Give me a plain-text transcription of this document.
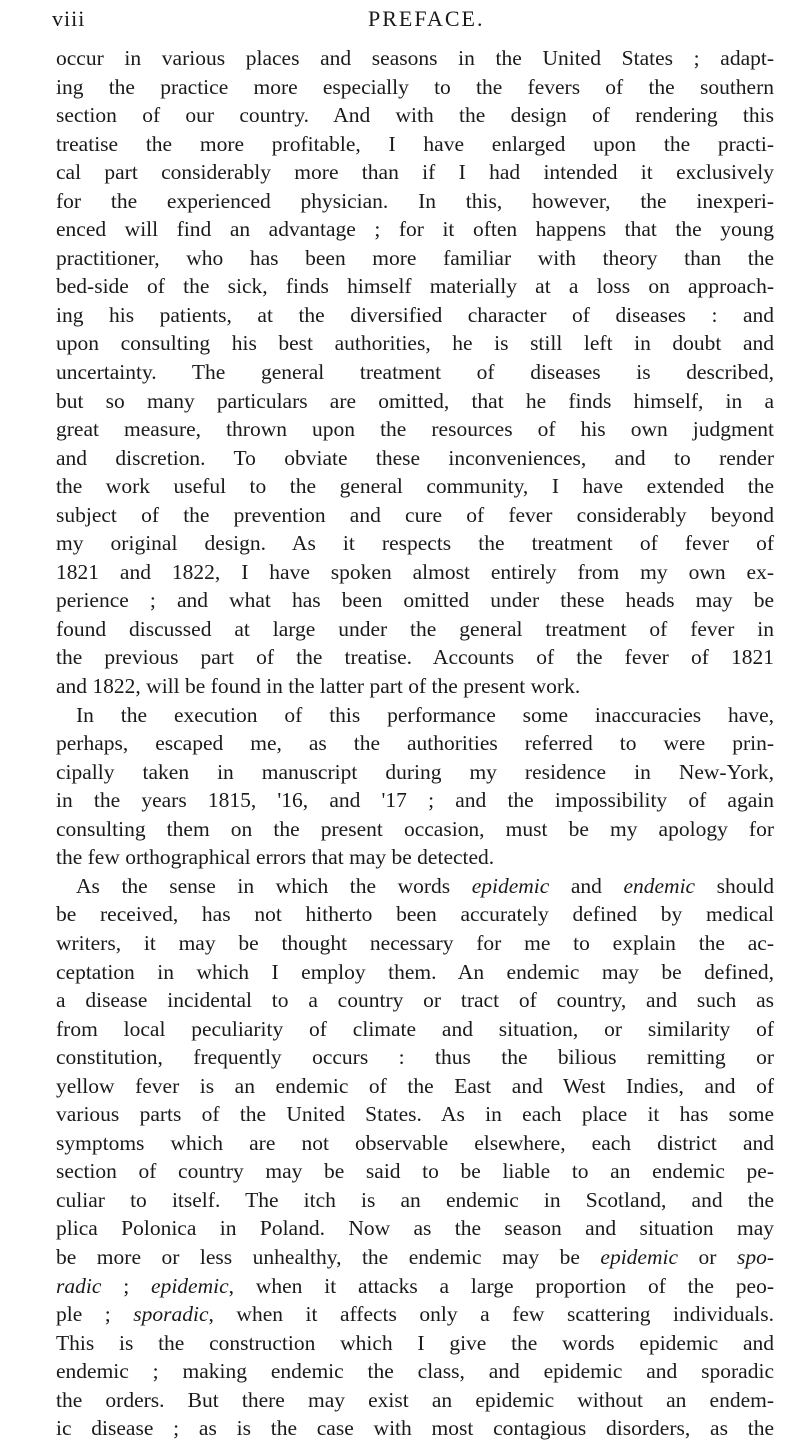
viii	PREFACE.
occur in various places and seasons in the United States ; adapt-
ing the practice more especially to the fevers of the southern
section of our country. And with the design of rendering this
treatise the more profitable, I have enlarged upon the practi-
cal part considerably more than if I had intended it exclusively
for the experienced physician. In this, however, the inexperi-
enced will find an advantage ; for it often happens that the young
practitioner, who has been more familiar with theory than the
bed-side of the sick, finds himself materially at a loss on approach-
ing his patients, at the diversified character of diseases : and
upon consulting his best authorities, he is still left in doubt and
uncertainty. The general treatment of diseases is described,
but so many particulars are omitted, that he finds himself, in a
great measure, thrown upon the resources of his own judgment
and discretion. To obviate these inconveniences, and to render
the work useful to the general community, I have extended the
subject of the prevention and cure of fever considerably beyond
my original design. As it respects the treatment of fever of
1821 and 1822, I have spoken almost entirely from my own ex-
perience ; and what has been omitted under these heads may be
found discussed at large under the general treatment of fever in
the previous part of the treatise. Accounts of the fever of 1821
and 1822, will be found in the latter part of the present work.
In the execution of this performance some inaccuracies have,
perhaps, escaped me, as the authorities referred to were prin-
cipally taken in manuscript during my residence in New-York,
in the years 1815, '16, and '17 ; and the impossibility of again
consulting them on the present occasion, must be my apology for
the few orthographical errors that may be detected.
As the sense in which the words epidemic and endemic should
be received, has not hitherto been accurately defined by medical
writers, it may be thought necessary for me to explain the ac-
ceptation in which I employ them. An endemic may be defined,
a disease incidental to a country or tract of country, and such as
from local peculiarity of climate and situation, or similarity of
constitution, frequently occurs : thus the bilious remitting or
yellow fever is an endemic of the East and West Indies, and of
various parts of the United States. As in each place it has some
symptoms which are not observable elsewhere, each district and
section of country may be said to be liable to an endemic pe-
culiar to itself. The itch is an endemic in Scotland, and the
plica Polonica in Poland. Now as the season and situation may
be more or less unhealthy, the endemic may be epidemic or spo-
radic ; epidemic, when it attacks a large proportion of the peo-
ple ; sporadic, when it affects only a few scattering individuals.
This is the construction which I give the words epidemic and
endemic ; making endemic the class, and epidemic and sporadic
the orders. But there may exist an epidemic without an endem-
ic disease ; as is the case with most contagious disorders, as the
